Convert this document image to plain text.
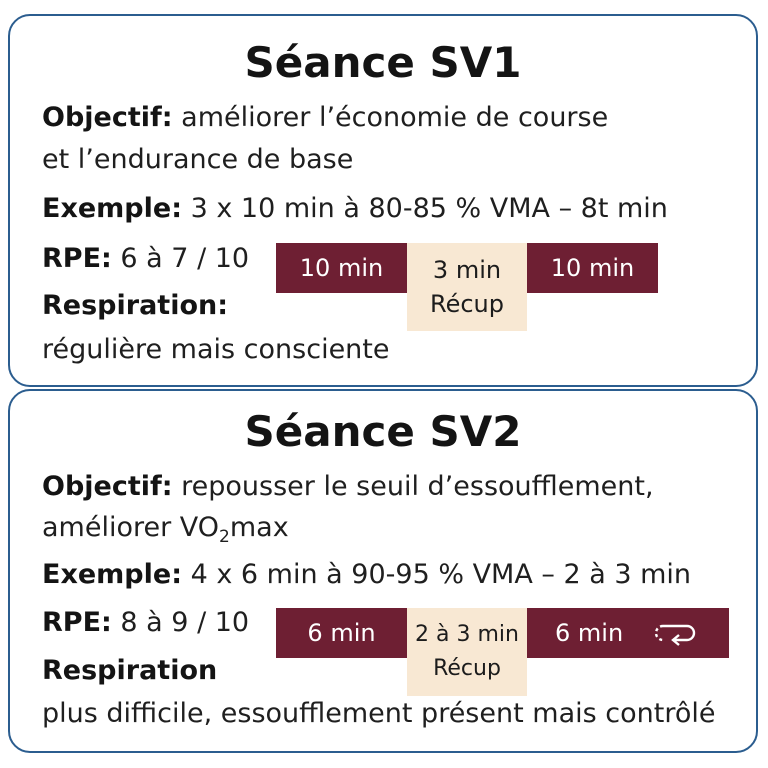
Séance SV1
Objectif: améliorer l’économie de course
et l’endurance de base
Exemple: 3 x 10 min à 80-85 % VMA – 8t min
RPE: 6 à 7 / 10
Respiration:
régulière mais consciente
10 min 3 min
Récup
10 min
Séance SV2
Objectif: repousser le seuil d’essoufflement,
améliorer $VO_2\max$
Exemple: 4 x 6 min à 90-95 % VMA – 2 à 3 min
RPE: 8 à 9 / 10
Respiration
plus difficile, essoufflement présent mais contrôlé
6 min 2 à 3 min
Récup
6 min
